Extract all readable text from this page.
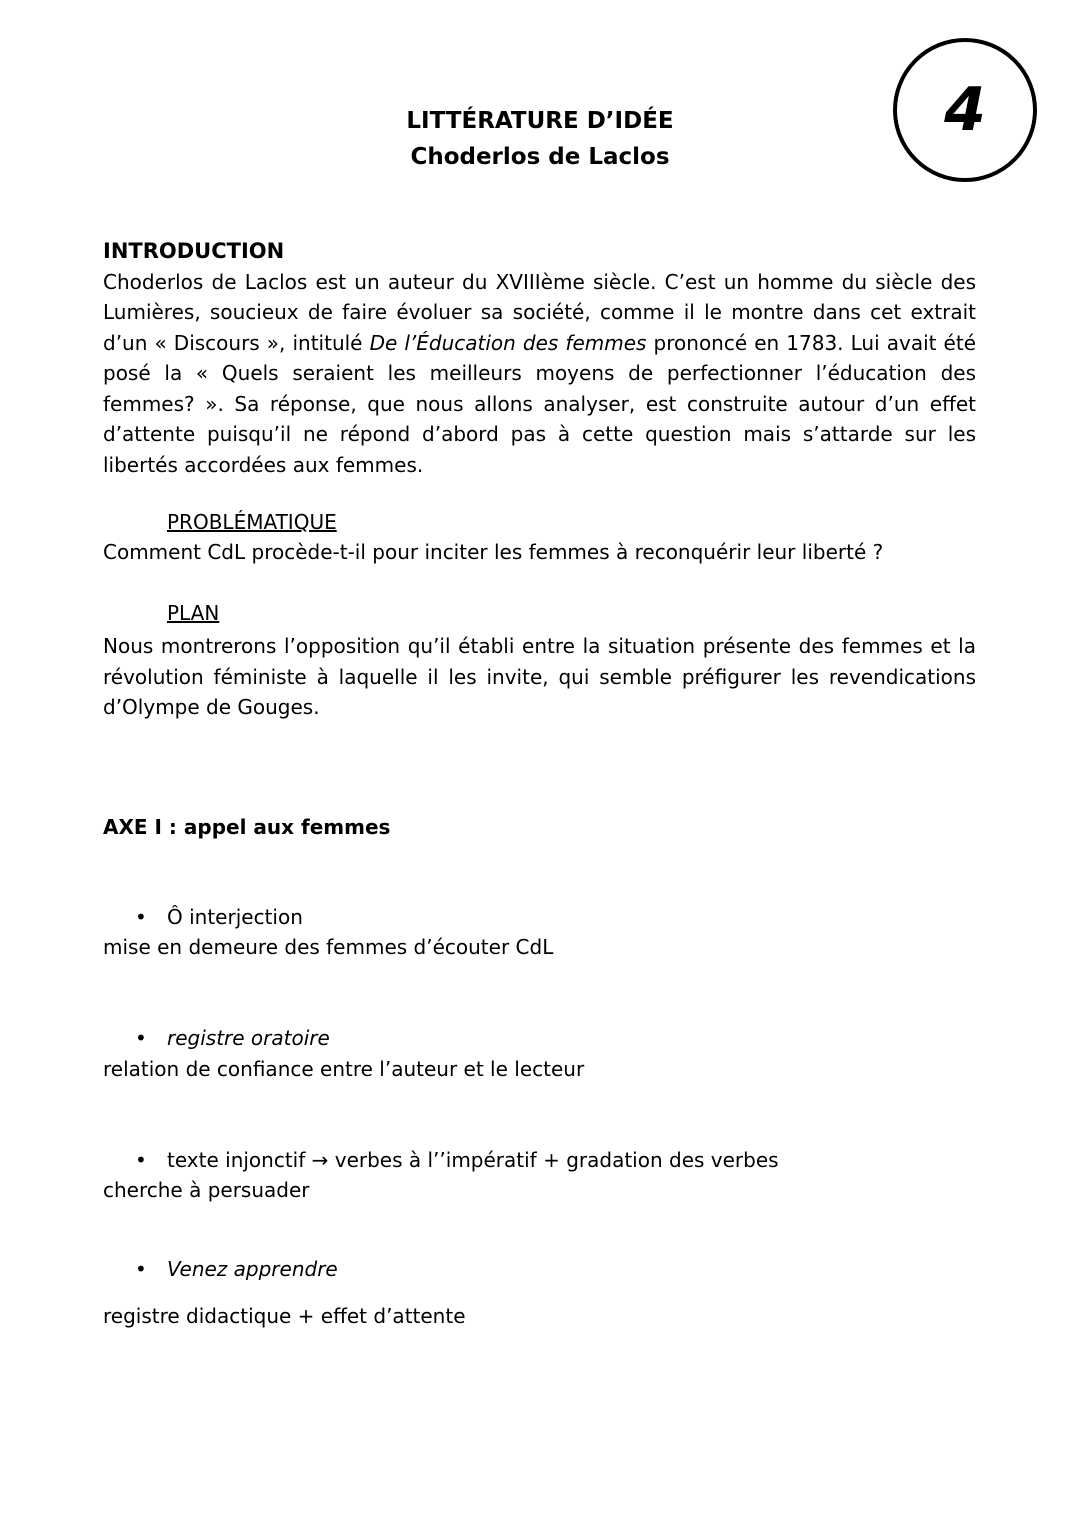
4
LITTÉRATURE D’IDÉE
Choderlos de Laclos
INTRODUCTION
Choderlos de Laclos est un auteur du XVIIIème siècle. C’est un homme du siècle des
Lumières, soucieux de faire évoluer sa société, comme il le montre dans cet extrait
d’un « Discours », intitulé De l’Éducation des femmes prononcé en 1783. Lui avait été
posé la « Quels seraient les meilleurs moyens de perfectionner l’éducation des
femmes? ». Sa réponse, que nous allons analyser, est construite autour d’un effet
d’attente puisqu’il ne répond d’abord pas à cette question mais s’attarde sur les
libertés accordées aux femmes.
PROBLÉMATIQUE
Comment CdL procède-t-il pour inciter les femmes à reconquérir leur liberté ?
PLAN
Nous montrerons l’opposition qu’il établi entre la situation présente des femmes et la
révolution féministe à laquelle il les invite, qui semble préfigurer les revendications
d’Olympe de Gouges.
AXE I : appel aux femmes
• Ô interjection
mise en demeure des femmes d’écouter CdL
• registre oratoire
relation de confiance entre l’auteur et le lecteur
• texte injonctif → verbes à l’’impératif + gradation des verbes
cherche à persuader
• Venez apprendre
registre didactique + effet d’attente
